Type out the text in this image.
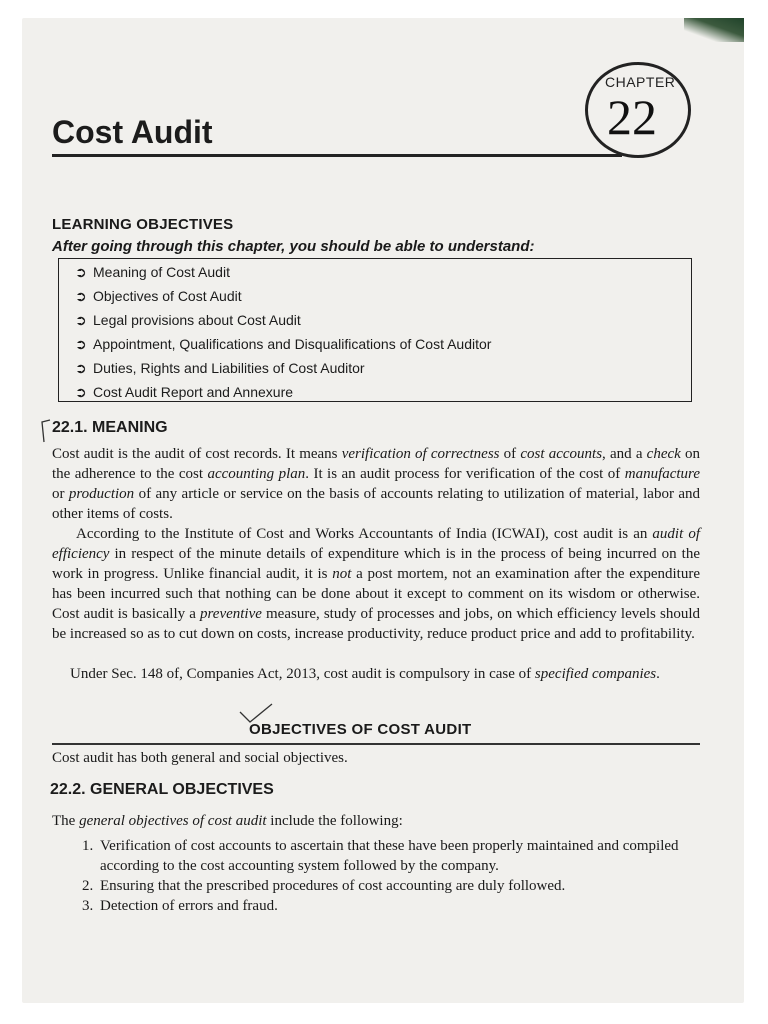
CHAPTER
22
Cost Audit
LEARNING OBJECTIVES
After going through this chapter, you should be able to understand:
➲ Meaning of Cost Audit
➲ Objectives of Cost Audit
➲ Legal provisions about Cost Audit
➲ Appointment, Qualifications and Disqualifications of Cost Auditor
➲ Duties, Rights and Liabilities of Cost Auditor
➲ Cost Audit Report and Annexure
22.1. MEANING

Cost audit is the audit of cost records. It means verification of correctness of cost accounts, and a check on the adherence to the cost accounting plan. It is an audit process for verification of the cost of manufacture or production of any article or service on the basis of accounts relating to utilization of material, labor and other items of costs.

According to the Institute of Cost and Works Accountants of India (ICWAI), cost audit is an audit of efficiency in respect of the minute details of expenditure which is in the process of being incurred on the work in progress. Unlike financial audit, it is not a post mortem, not an examination after the expenditure has been incurred such that nothing can be done about it except to comment on its wisdom or otherwise. Cost audit is basically a preventive measure, study of processes and jobs, on which efficiency levels should be increased so as to cut down on costs, increase productivity, reduce product price and add to profitability.

Under Sec. 148 of, Companies Act, 2013, cost audit is compulsory in case of specified companies.

OBJECTIVES OF COST AUDIT

Cost audit has both general and social objectives.

22.2. GENERAL OBJECTIVES

The general objectives of cost audit include the following:

1. Verification of cost accounts to ascertain that these have been properly maintained and compiled according to the cost accounting system followed by the company.
2. Ensuring that the prescribed procedures of cost accounting are duly followed.
3. Detection of errors and fraud.
